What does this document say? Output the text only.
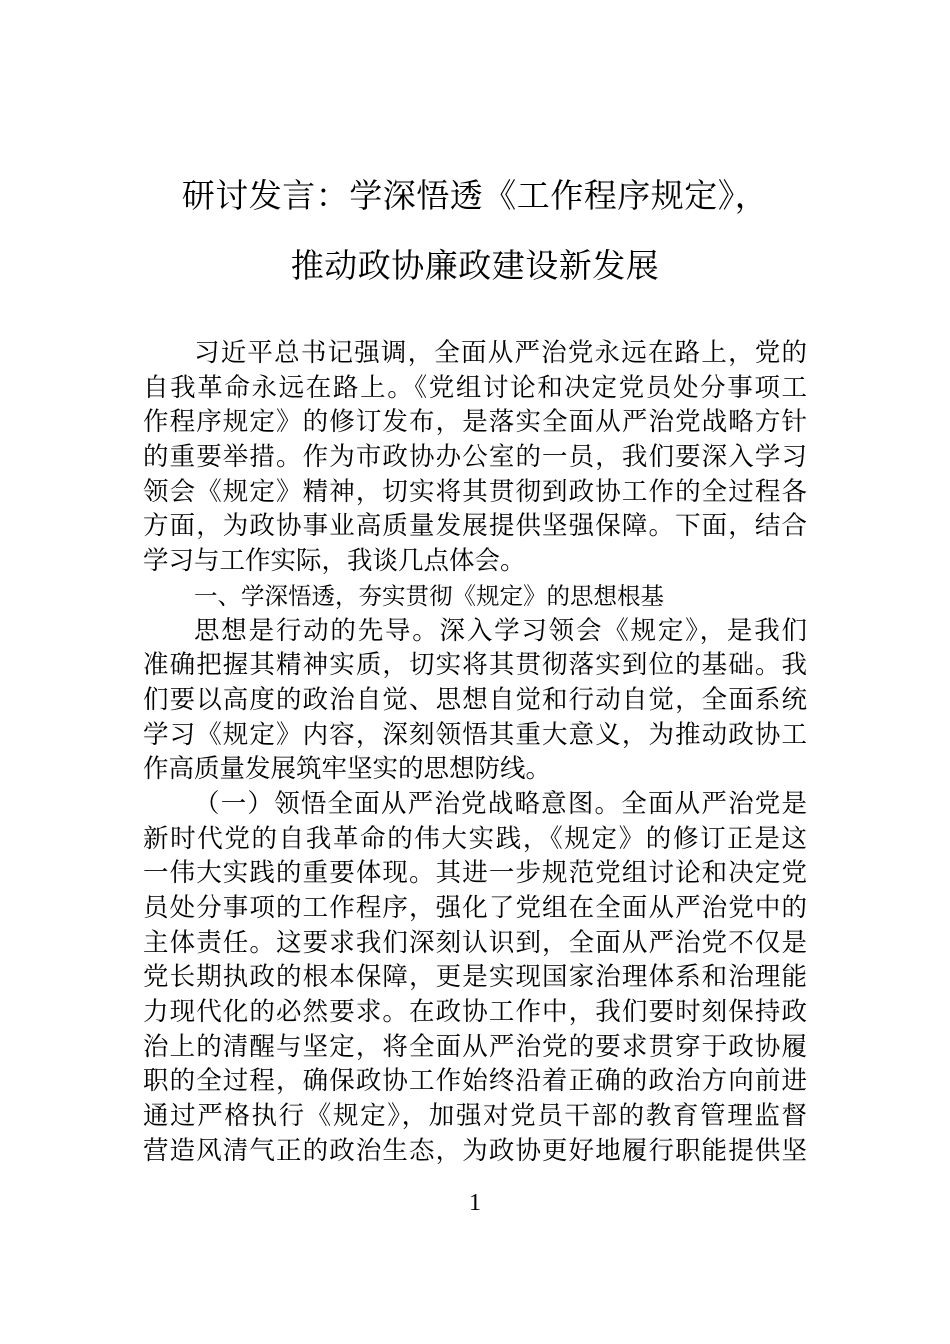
研讨发言：学深悟透《工作程序规定》，
推动政协廉政建设新发展
习近平总书记强调，全面从严治党永远在路上，党的
自我革命永远在路上。《党组讨论和决定党员处分事项工
作程序规定》的修订发布，是落实全面从严治党战略方针
的重要举措。作为市政协办公室的一员，我们要深入学习
领会《规定》精神，切实将其贯彻到政协工作的全过程各
方面，为政协事业高质量发展提供坚强保障。下面，结合
学习与工作实际，我谈几点体会。
一、学深悟透，夯实贯彻《规定》的思想根基
思想是行动的先导。深入学习领会《规定》，是我们
准确把握其精神实质，切实将其贯彻落实到位的基础。我
们要以高度的政治自觉、思想自觉和行动自觉，全面系统
学习《规定》内容，深刻领悟其重大意义，为推动政协工
作高质量发展筑牢坚实的思想防线。
（一）领悟全面从严治党战略意图。全面从严治党是
新时代党的自我革命的伟大实践，《规定》的修订正是这
一伟大实践的重要体现。其进一步规范党组讨论和决定党
员处分事项的工作程序，强化了党组在全面从严治党中的
主体责任。这要求我们深刻认识到，全面从严治党不仅是
党长期执政的根本保障，更是实现国家治理体系和治理能
力现代化的必然要求。在政协工作中，我们要时刻保持政
治上的清醒与坚定，将全面从严治党的要求贯穿于政协履
职的全过程，确保政协工作始终沿着正确的政治方向前进
通过严格执行《规定》，加强对党员干部的教育管理监督
营造风清气正的政治生态，为政协更好地履行职能提供坚
1
